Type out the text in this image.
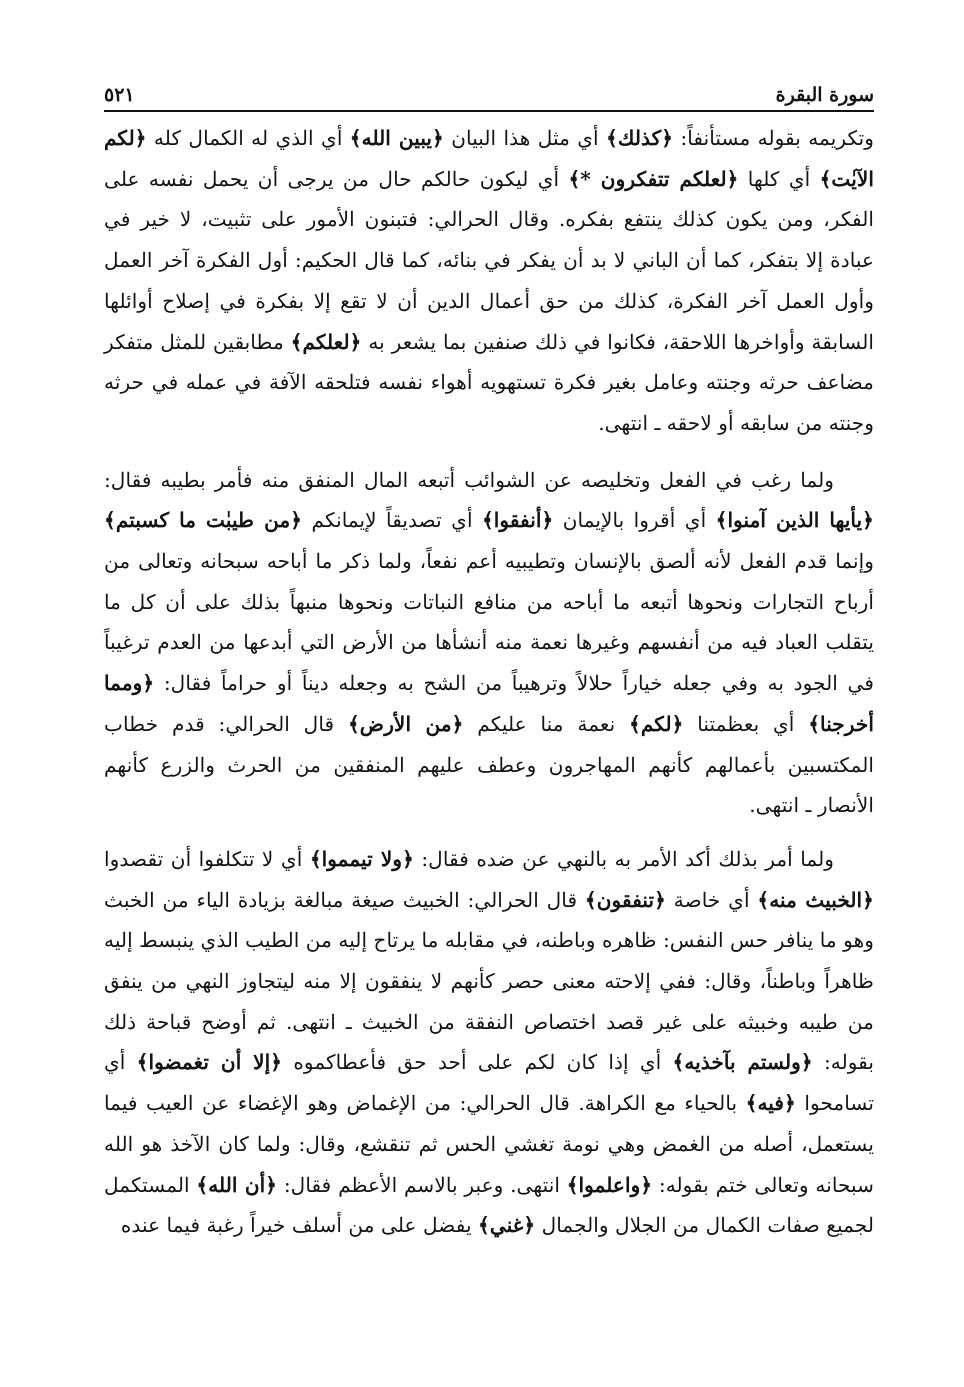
سورة البقرة
٥٢١

وتكريمه بقوله مستأنفاً: ﴿كذلك﴾ أي مثل هذا البيان ﴿يبين الله﴾ أي الذي له الكمال كله ﴿لكم الآيٰت﴾ أي كلها ﴿لعلكم تتفكرون *﴾ أي ليكون حالكم حال من يرجى أن يحمل نفسه على الفكر، ومن يكون كذلك ينتفع بفكره. وقال الحرالي: فتبنون الأمور على تثبيت، لا خير في عبادة إلا بتفكر، كما أن الباني لا بد أن يفكر في بنائه، كما قال الحكيم: أول الفكرة آخر العمل وأول العمل آخر الفكرة، كذلك من حق أعمال الدين أن لا تقع إلا بفكرة في إصلاح أوائلها السابقة وأواخرها اللاحقة، فكانوا في ذلك صنفين بما يشعر به ﴿لعلكم﴾ مطابقين للمثل متفكر مضاعف حرثه وجنته وعامل بغير فكرة تستهويه أهواء نفسه فتلحقه الآفة في عمله في حرثه وجنته من سابقه أو لاحقه ـ انتهى.

ولما رغب في الفعل وتخليصه عن الشوائب أتبعه المال المنفق منه فأمر بطيبه فقال: ﴿يأيها الذين آمنوا﴾ أي أقروا بالإيمان ﴿أنفقوا﴾ أي تصديقاً لإيمانكم ﴿من طيبٰت ما كسبتم﴾ وإنما قدم الفعل لأنه ألصق بالإنسان وتطيبيه أعم نفعاً، ولما ذكر ما أباحه سبحانه وتعالى من أرباح التجارات ونحوها أتبعه ما أباحه من منافع النباتات ونحوها منبهاً بذلك على أن كل ما يتقلب العباد فيه من أنفسهم وغيرها نعمة منه أنشأها من الأرض التي أبدعها من العدم ترغيباً في الجود به وفي جعله خياراً حلالاً وترهيباً من الشح به وجعله ديناً أو حراماً فقال: ﴿ومما أخرجنا﴾ أي بعظمتنا ﴿لكم﴾ نعمة منا عليكم ﴿من الأرض﴾ قال الحرالي: قدم خطاب المكتسبين بأعمالهم كأنهم المهاجرون وعطف عليهم المنفقين من الحرث والزرع كأنهم الأنصار ـ انتهى.

ولما أمر بذلك أكد الأمر به بالنهي عن ضده فقال: ﴿ولا تيمموا﴾ أي لا تتكلفوا أن تقصدوا ﴿الخبيث منه﴾ أي خاصة ﴿تنفقون﴾ قال الحرالي: الخبيث صيغة مبالغة بزيادة الياء من الخبث وهو ما ينافر حس النفس: ظاهره وباطنه، في مقابله ما يرتاح إليه من الطيب الذي ينبسط إليه ظاهراً وباطناً، وقال: ففي إلاحته معنى حصر كأنهم لا ينفقون إلا منه ليتجاوز النهي من ينفق من طيبه وخبيثه على غير قصد اختصاص النفقة من الخبيث ـ انتهى. ثم أوضح قباحة ذلك بقوله: ﴿ولستم بآخذيه﴾ أي إذا كان لكم على أحد حق فأعطاكموه ﴿إلا أن تغمضوا﴾ أي تسامحوا ﴿فيه﴾ بالحياء مع الكراهة. قال الحرالي: من الإغماض وهو الإغضاء عن العيب فيما يستعمل، أصله من الغمض وهي نومة تغشي الحس ثم تنقشع، وقال: ولما كان الآخذ هو الله سبحانه وتعالى ختم بقوله: ﴿واعلموا﴾ انتهى. وعبر بالاسم الأعظم فقال: ﴿أن الله﴾ المستكمل لجميع صفات الكمال من الجلال والجمال ﴿غني﴾ يفضل على من أسلف خيراً رغبة فيما عنده
